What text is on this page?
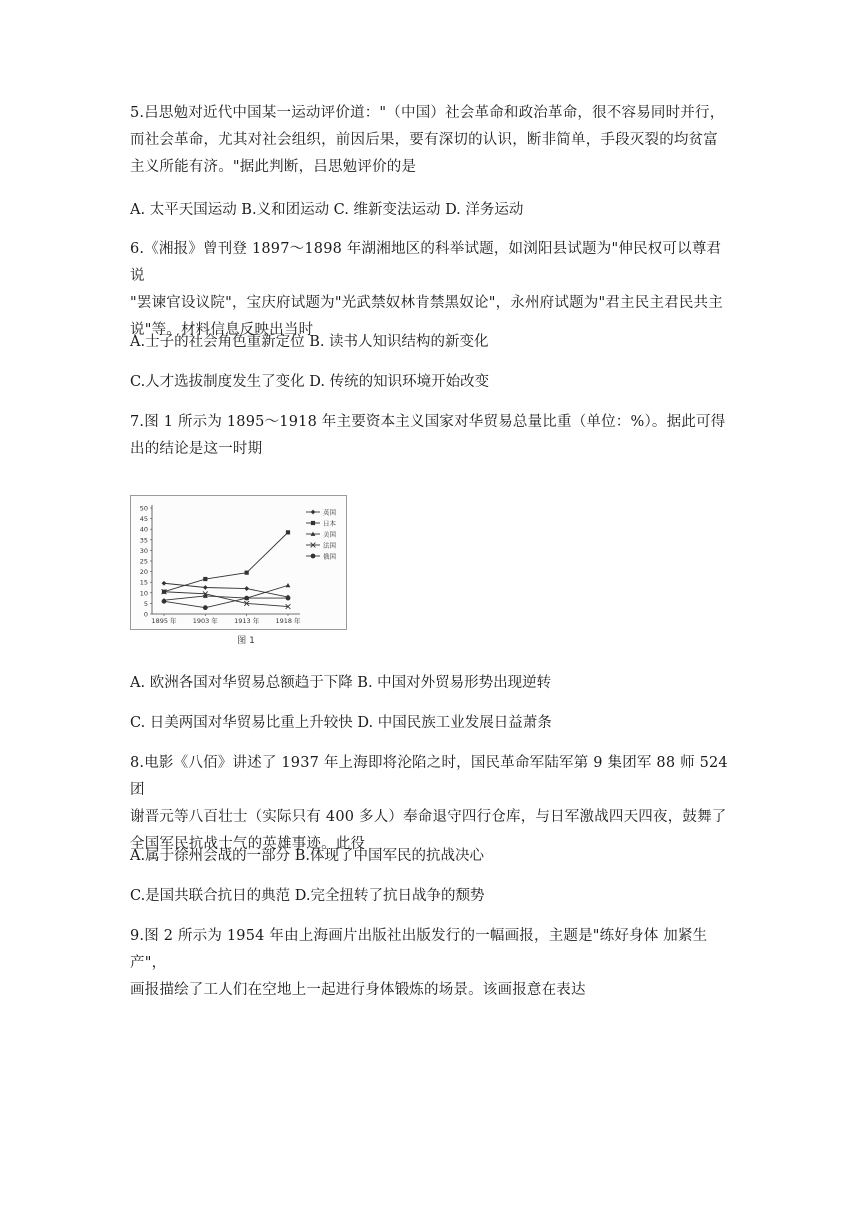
5.吕思勉对近代中国某一运动评价道："（中国）社会革命和政治革命，很不容易同时并行，

而社会革命，尤其对社会组织，前因后果，要有深切的认识，断非简单，手段灭裂的均贫富

主义所能有济。"据此判断，吕思勉评价的是

A. 太平天国运动 B.义和团运动 C. 维新变法运动 D. 洋务运动

6.《湘报》曾刊登 1897～1898 年湖湘地区的科举试题，如浏阳县试题为"伸民权可以尊君说

"罢谏官设议院"，宝庆府试题为"光武禁奴林肯禁黑奴论"，永州府试题为"君主民主君民共主

说"等。材料信息反映出当时

A.士子的社会角色重新定位 B. 读书人知识结构的新变化
C.人才选拔制度发生了变化 D. 传统的知识环境开始改变

7.图 1 所示为 1895～1918 年主要资本主义国家对华贸易总量比重（单位：%）。据此可得

出的结论是这一时期

0
5
10
15
20
25
30
35
40
45
50
1895 年 1903 年 1913 年 1918 年
英国
日本
美国
法国
俄国
图 1
A. 欧洲各国对华贸易总额趋于下降 B. 中国对外贸易形势出现逆转
C. 日美两国对华贸易比重上升较快 D. 中国民族工业发展日益萧条

8.电影《八佰》讲述了 1937 年上海即将沦陷之时，国民革命军陆军第 9 集团军 88 师 524 团

谢晋元等八百壮士（实际只有 400 多人）奉命退守四行仓库，与日军激战四天四夜，鼓舞了

全国军民抗战士气的英雄事迹。此役

A.属于徐州会战的一部分 B.体现了中国军民的抗战决心
C.是国共联合抗日的典范 D.完全扭转了抗日战争的颓势

9.图 2 所示为 1954 年由上海画片出版社出版发行的一幅画报，主题是"练好身体 加紧生产"，

画报描绘了工人们在空地上一起进行身体锻炼的场景。该画报意在表达
